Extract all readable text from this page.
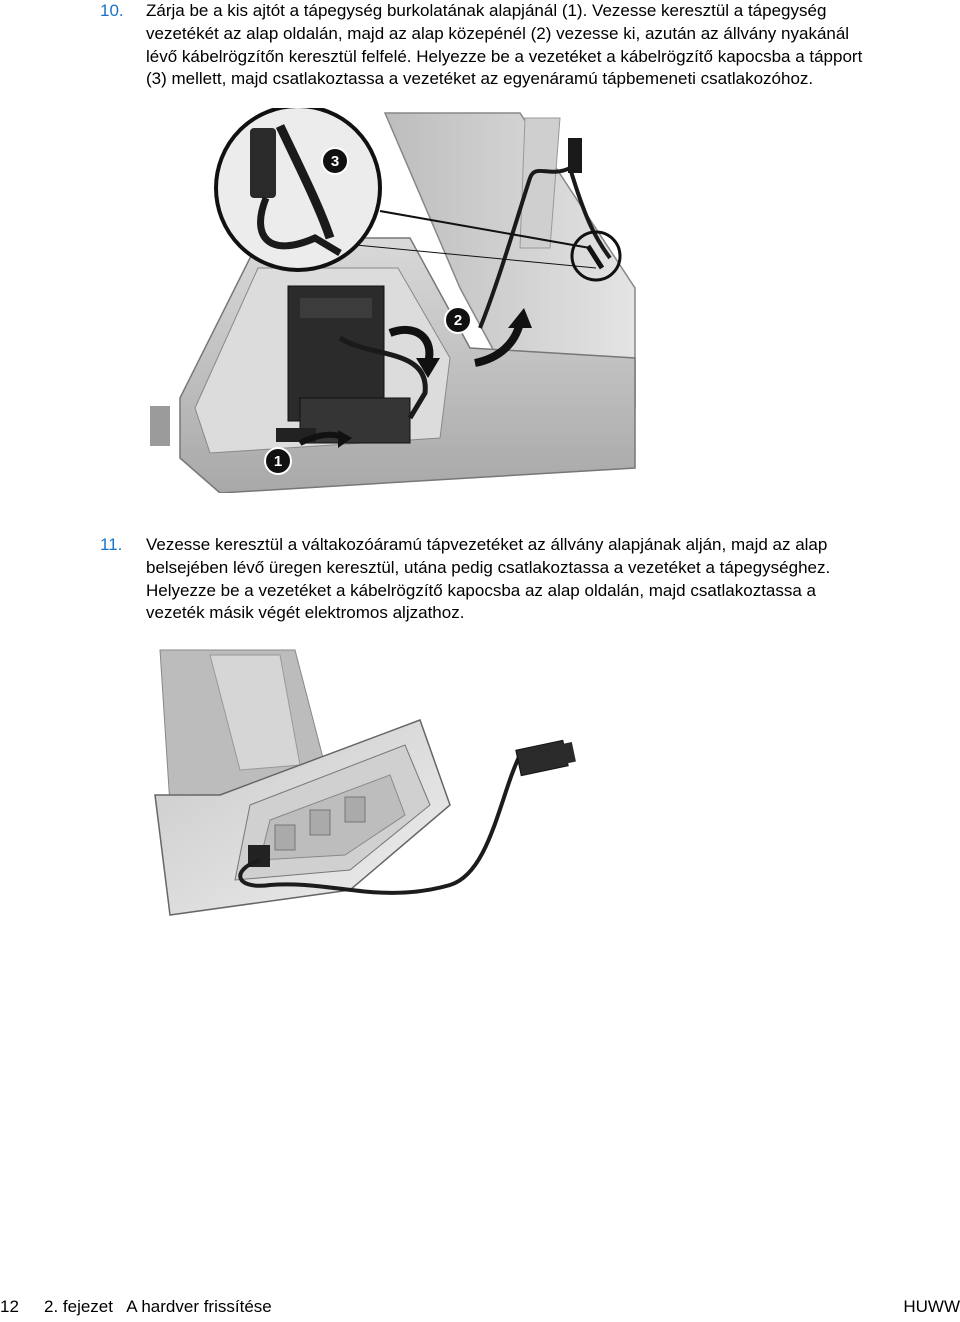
10. Zárja be a kis ajtót a tápegység burkolatának alapjánál (1). Vezesse keresztül a tápegység
vezetékét az alap oldalán, majd az alap közepénél (2) vezesse ki, azután az állvány nyakánál
lévő kábelrögzítőn keresztül felfelé. Helyezze be a vezetéket a kábelrögzítő kapocsba a tápport
(3) mellett, majd csatlakoztassa a vezetéket az egyenáramú tápbemeneti csatlakozóhoz.

3
2
1
11. Vezesse keresztül a váltakozóáramú tápvezetéket az állvány alapjának alján, majd az alap
belsejében lévő üregen keresztül, utána pedig csatlakoztassa a vezetéket a tápegységhez.
Helyezze be a vezetéket a kábelrögzítő kapocsba az alap oldalán, majd csatlakoztassa a
vezeték másik végét elektromos aljzathoz.

12 2. fejezet   A hardver frissítése	HUWW
